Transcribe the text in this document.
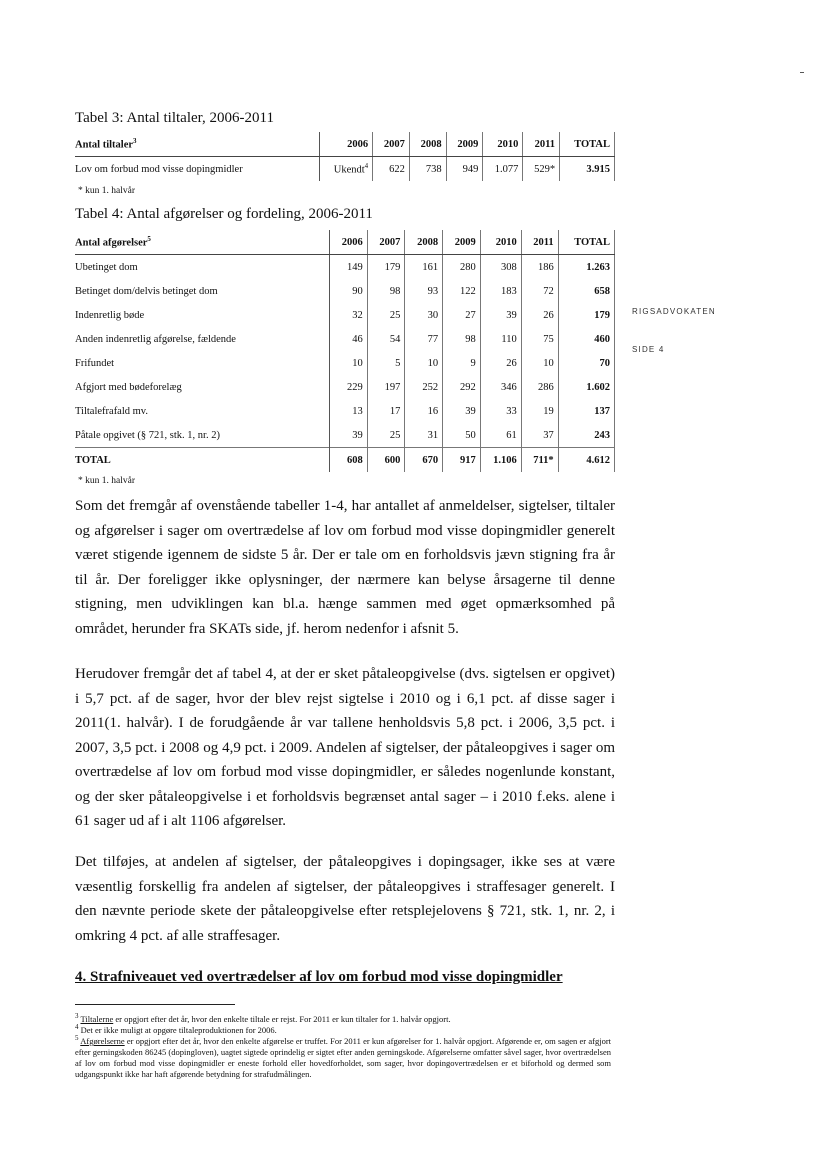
RIGSADVOKATEN
SIDE 4
Tabel 3: Antal tiltaler, 2006-2011
Antal tiltaler$^3$	2006	2007	2008	2009	2010	2011	TOTAL
Lov om forbud mod visse dopingmidler	Ukendt$^4$	622	738	949	1.077	529*	3.915
* kun 1. halvår
Tabel 4: Antal afgørelser og fordeling, 2006-2011
Antal afgørelser$^5$	2006	2007	2008	2009	2010	2011	TOTAL
Ubetinget dom	149	179	161	280	308	186	1.263
Betinget dom/delvis betinget dom	90	98	93	122	183	72	658
Indenretlig bøde	32	25	30	27	39	26	179
Anden indenretlig afgørelse, fældende	46	54	77	98	110	75	460
Frifundet	10	5	10	9	26	10	70
Afgjort med bødeforelæg	229	197	252	292	346	286	1.602
Tiltalefrafald mv.	13	17	16	39	33	19	137
Påtale opgivet (§ 721, stk. 1, nr. 2)	39	25	31	50	61	37	243
TOTAL	608	600	670	917	1.106	711*	4.612
* kun 1. halvår
Som det fremgår af ovenstående tabeller 1-4, har antallet af anmeldelser, sigtelser, tiltaler og afgørelser i sager om overtrædelse af lov om forbud mod visse dopingmidler generelt været stigende igennem de sidste 5 år. Der er tale om en forholdsvis jævn stigning fra år til år. Der foreligger ikke oplysninger, der nærmere kan belyse årsagerne til denne stigning, men udviklingen kan bl.a. hænge sammen med øget opmærksomhed på området, herunder fra SKATs side, jf. herom nedenfor i afsnit 5.
Herudover fremgår det af tabel 4, at der er sket påtaleopgivelse (dvs. sigtelsen er opgivet) i 5,7 pct. af de sager, hvor der blev rejst sigtelse i 2010 og i 6,1 pct. af disse sager i 2011(1. halvår). I de forudgående år var tallene henholdsvis 5,8 pct. i 2006, 3,5 pct. i 2007, 3,5 pct. i 2008 og 4,9 pct. i 2009. Andelen af sigtelser, der påtaleopgives i sager om overtrædelse af lov om forbud mod visse dopingmidler, er således nogenlunde konstant, og der sker påtaleopgivelse i et forholdsvis begrænset antal sager – i 2010 f.eks. alene i 61 sager ud af i alt 1106 afgørelser.
Det tilføjes, at andelen af sigtelser, der påtaleopgives i dopingsager, ikke ses at være væsentlig forskellig fra andelen af sigtelser, der påtaleopgives i straffesager generelt. I den nævnte periode skete der påtaleopgivelse efter retsplejelovens § 721, stk. 1, nr. 2, i omkring 4 pct. af alle straffesager.
4. Strafniveauet ved overtrædelser af lov om forbud mod visse dopingmidler
$^3$ Tiltalerne er opgjort efter det år, hvor den enkelte tiltale er rejst. For 2011 er kun tiltaler for 1. halvår opgjort.
$^4$ Det er ikke muligt at opgøre tiltaleproduktionen for 2006.
$^5$ Afgørelserne er opgjort efter det år, hvor den enkelte afgørelse er truffet. For 2011 er kun afgørelser for 1. halvår opgjort. Afgørende er, om sagen er afgjort efter gerningskoden 86245 (dopingloven), uagtet sigtede oprindelig er sigtet efter anden gerningskode. Afgørelserne omfatter såvel sager, hvor overtrædelsen af lov om forbud mod visse dopingmidler er eneste forhold eller hovedforholdet, som sager, hvor dopingovertrædelsen er et biforhold og dermed som udgangspunkt ikke har haft afgørende betydning for strafudmålingen.
